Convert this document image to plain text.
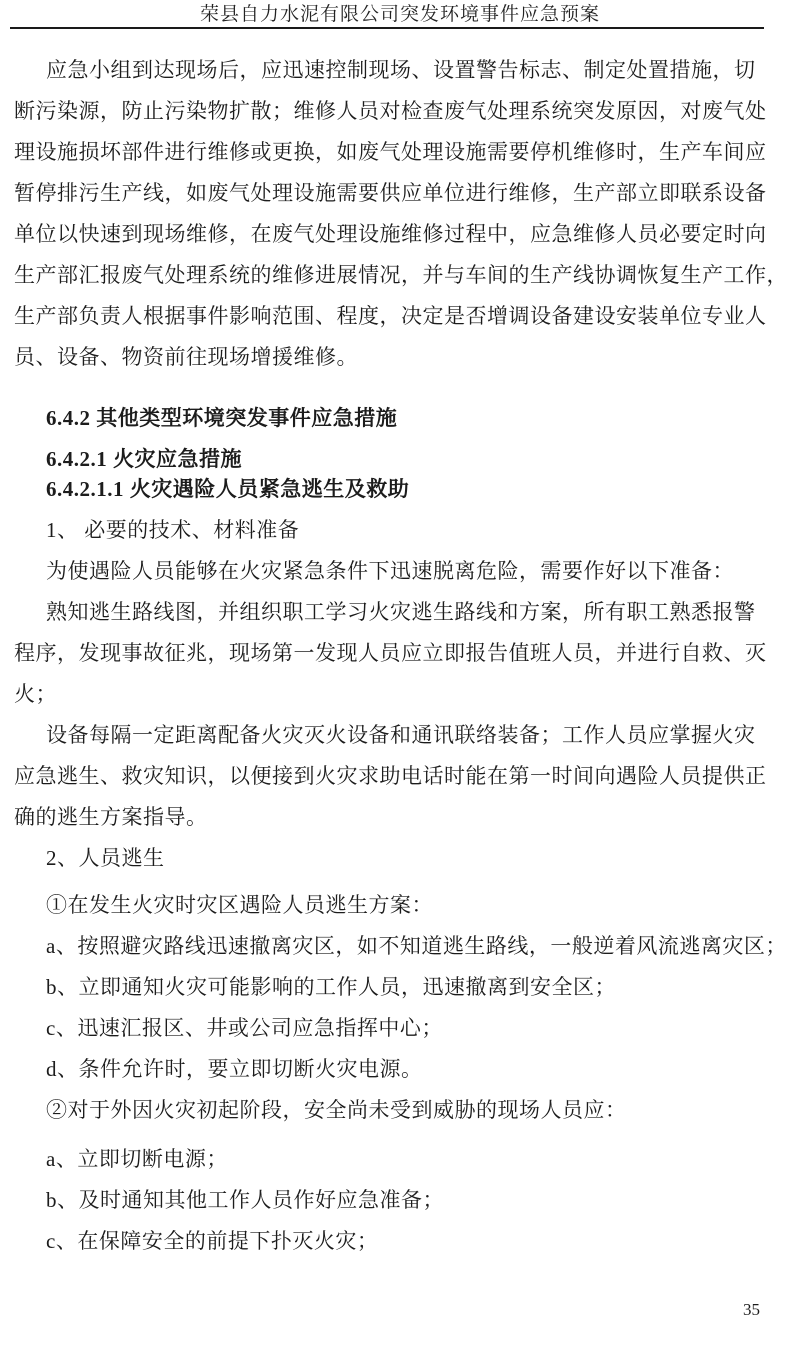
荣县自力水泥有限公司突发环境事件应急预案
应急小组到达现场后，应迅速控制现场、设置警告标志、制定处置措施，切
断污染源，防止污染物扩散；维修人员对检查废气处理系统突发原因，对废气处
理设施损坏部件进行维修或更换，如废气处理设施需要停机维修时，生产车间应
暂停排污生产线，如废气处理设施需要供应单位进行维修，生产部立即联系设备
单位以快速到现场维修，在废气处理设施维修过程中，应急维修人员必要定时向
生产部汇报废气处理系统的维修进展情况，并与车间的生产线协调恢复生产工作，
生产部负责人根据事件影响范围、程度，决定是否增调设备建设安装单位专业人
员、设备、物资前往现场增援维修。
6.4.2 其他类型环境突发事件应急措施
6.4.2.1 火灾应急措施
6.4.2.1.1 火灾遇险人员紧急逃生及救助
1、 必要的技术、材料准备
为使遇险人员能够在火灾紧急条件下迅速脱离危险，需要作好以下准备：
熟知逃生路线图，并组织职工学习火灾逃生路线和方案，所有职工熟悉报警
程序，发现事故征兆，现场第一发现人员应立即报告值班人员，并进行自救、灭
火；
设备每隔一定距离配备火灾灭火设备和通讯联络装备；工作人员应掌握火灾
应急逃生、救灾知识，以便接到火灾求助电话时能在第一时间向遇险人员提供正
确的逃生方案指导。
2、人员逃生
①在发生火灾时灾区遇险人员逃生方案：
a、按照避灾路线迅速撤离灾区，如不知道逃生路线，一般逆着风流逃离灾区；
b、立即通知火灾可能影响的工作人员，迅速撤离到安全区；
c、迅速汇报区、井或公司应急指挥中心；
d、条件允许时，要立即切断火灾电源。
②对于外因火灾初起阶段，安全尚未受到威胁的现场人员应：
a、立即切断电源；
b、及时通知其他工作人员作好应急准备；
c、在保障安全的前提下扑灭火灾；
35
